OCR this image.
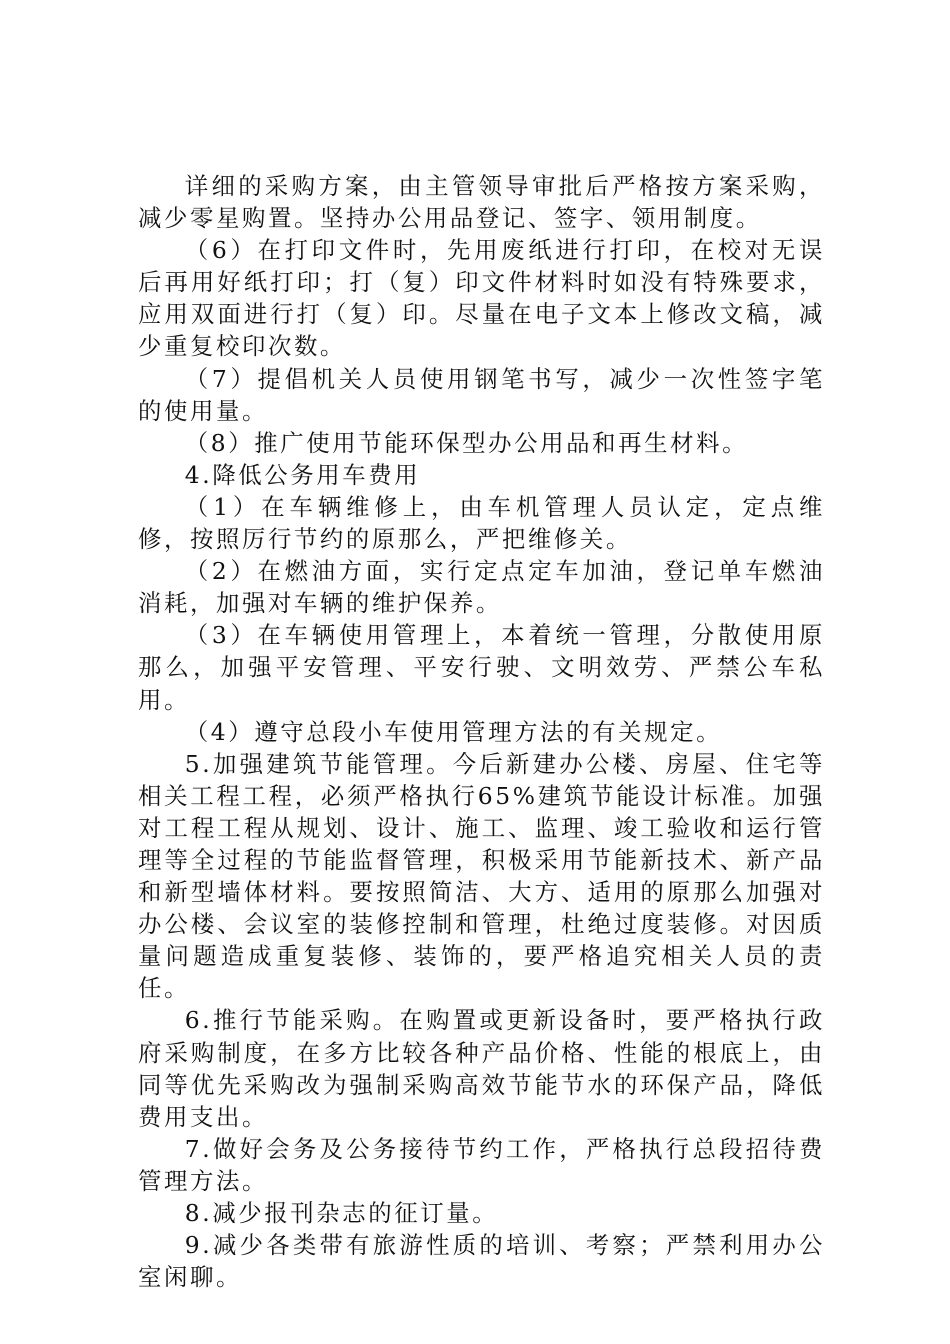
详细的采购方案，由主管领导审批后严格按方案采购，减少零星购置。坚持办公用品登记、签字、领用制度。

（6）在打印文件时，先用废纸进行打印，在校对无误后再用好纸打印；打（复）印文件材料时如没有特殊要求，应用双面进行打（复）印。尽量在电子文本上修改文稿，减少重复校印次数。

（7）提倡机关人员使用钢笔书写，减少一次性签字笔的使用量。

（8）推广使用节能环保型办公用品和再生材料。

4.降低公务用车费用

（1）在车辆维修上，由车机管理人员认定，定点维修，按照厉行节约的原那么，严把维修关。

（2）在燃油方面，实行定点定车加油，登记单车燃油消耗，加强对车辆的维护保养。

（3）在车辆使用管理上，本着统一管理，分散使用原那么，加强平安管理、平安行驶、文明效劳、严禁公车私用。

（4）遵守总段小车使用管理方法的有关规定。

5.加强建筑节能管理。今后新建办公楼、房屋、住宅等相关工程工程，必须严格执行65%建筑节能设计标准。加强对工程工程从规划、设计、施工、监理、竣工验收和运行管理等全过程的节能监督管理，积极采用节能新技术、新产品和新型墙体材料。要按照简洁、大方、适用的原那么加强对办公楼、会议室的装修控制和管理，杜绝过度装修。对因质量问题造成重复装修、装饰的，要严格追究相关人员的责任。

6.推行节能采购。在购置或更新设备时，要严格执行政府采购制度，在多方比较各种产品价格、性能的根底上，由同等优先采购改为强制采购高效节能节水的环保产品，降低费用支出。

7.做好会务及公务接待节约工作，严格执行总段招待费管理方法。

8.减少报刊杂志的征订量。

9.减少各类带有旅游性质的培训、考察；严禁利用办公室闲聊。
